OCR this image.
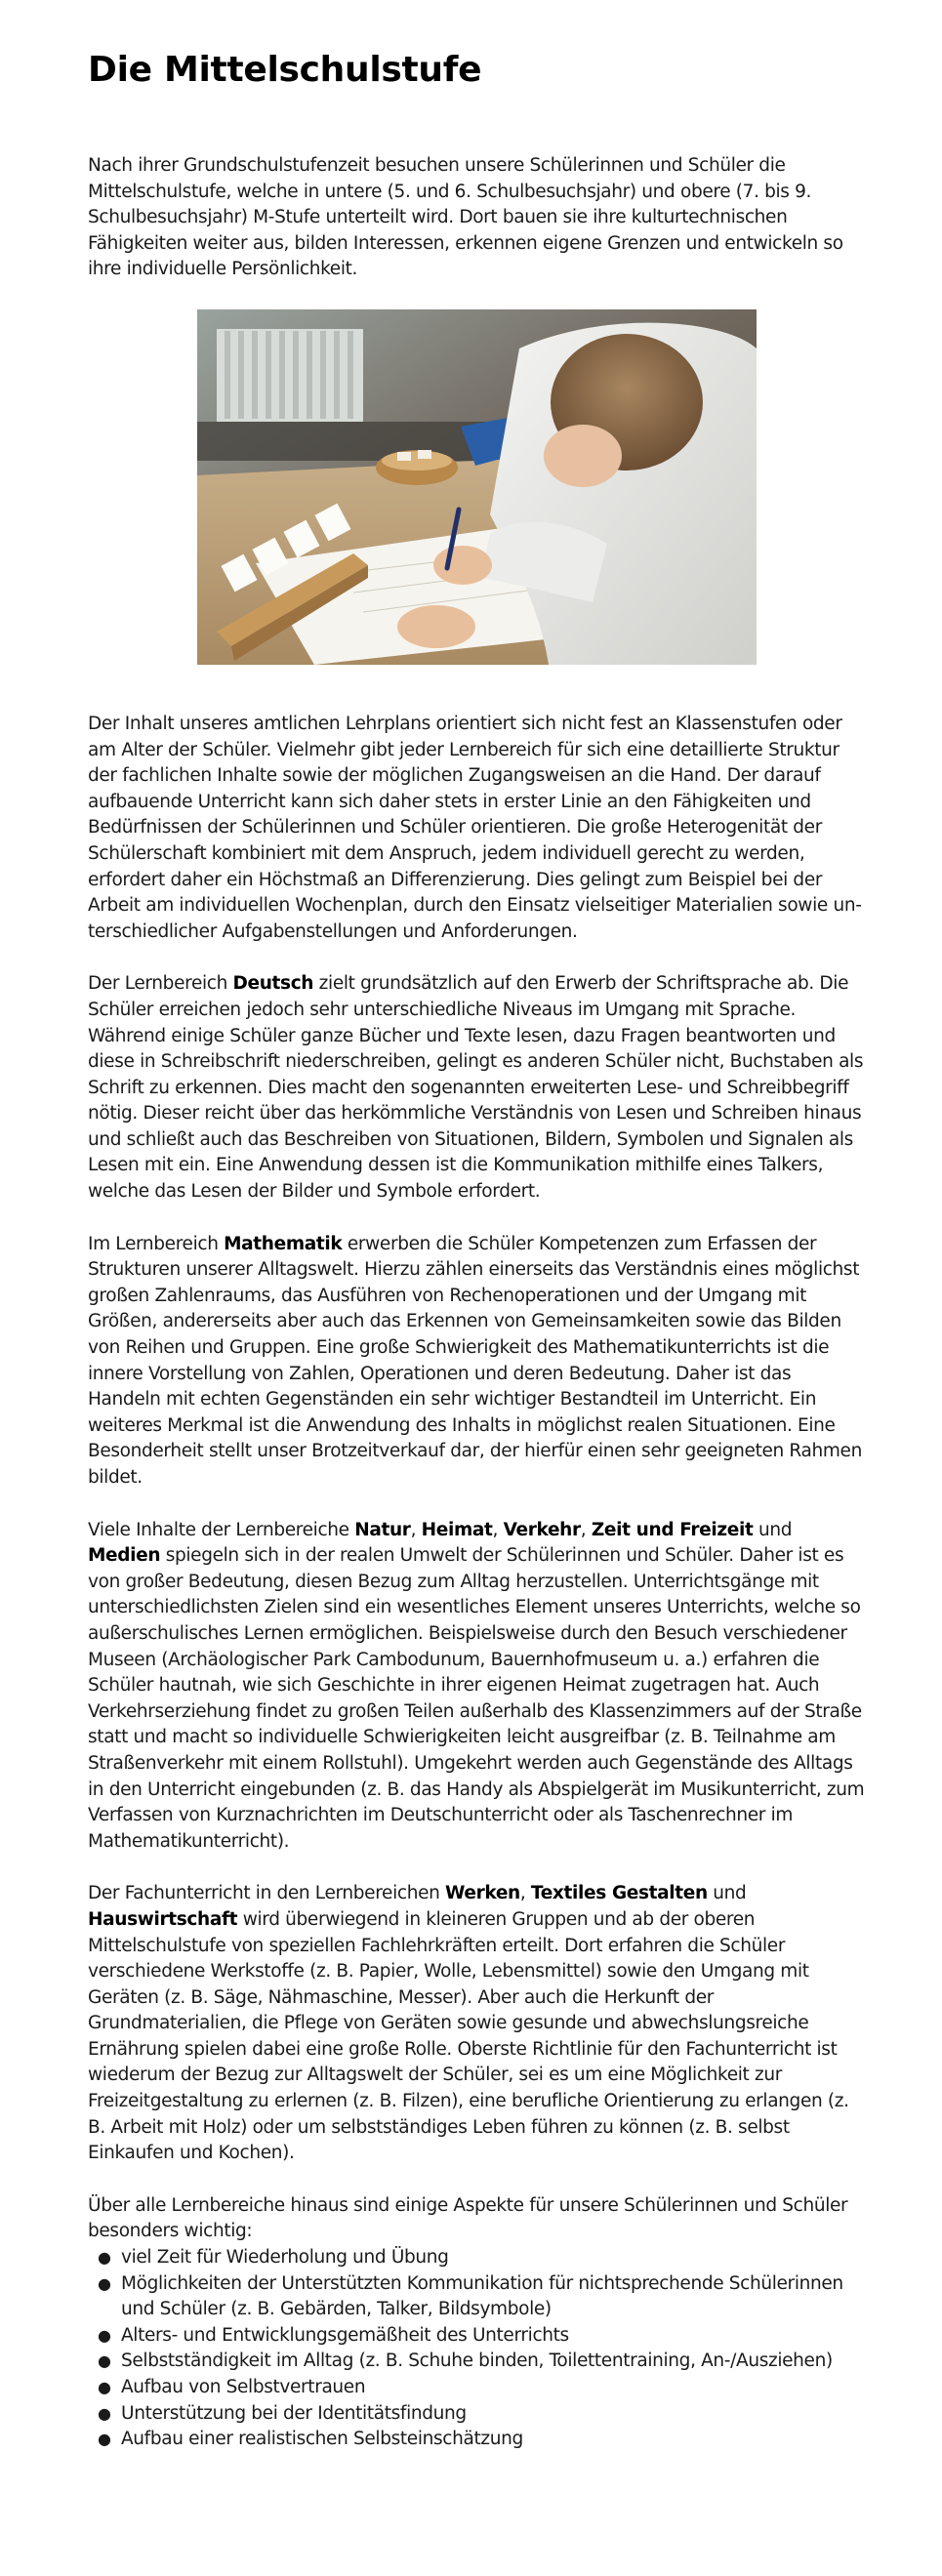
Die Mittelschulstufe

Nach ihrer Grundschulstufenzeit besuchen unsere Schülerinnen und Schüler die Mittelschulstufe, welche in untere (5. und 6. Schulbesuchsjahr) und obere (7. bis 9. Schulbesuchsjahr) M-Stufe unterteilt wird. Dort bauen sie ihre kulturtechnischen Fähigkeiten weiter aus, bilden Interessen, erkennen eigene Grenzen und entwickeln so ihre individuelle Persönlichkeit.

Der Inhalt unseres amtlichen Lehrplans orientiert sich nicht fest an Klassenstufen oder am Alter der Schüler. Vielmehr gibt jeder Lernbereich für sich eine detaillierte Struktur der fachlichen Inhalte sowie der möglichen Zugangsweisen an die Hand. Der darauf aufbauende Unterricht kann sich daher stets in erster Linie an den Fähigkeiten und Bedürfnissen der Schülerinnen und Schüler orientieren. Die große Heterogenität der Schülerschaft kombiniert mit dem Anspruch, jedem individuell gerecht zu werden, erfordert daher ein Höchstmaß an Differenzierung. Dies gelingt zum Beispiel bei der Arbeit am individuellen Wochenplan, durch den Einsatz vielseitiger Materialien sowie unterschiedlicher Aufgabenstellungen und Anforderungen.

Der Lernbereich Deutsch zielt grundsätzlich auf den Erwerb der Schriftsprache ab. Die Schüler erreichen jedoch sehr unterschiedliche Niveaus im Umgang mit Sprache. Während einige Schüler ganze Bücher und Texte lesen, dazu Fragen beantworten und diese in Schreibschrift niederschreiben, gelingt es anderen Schüler nicht, Buchstaben als Schrift zu erkennen. Dies macht den sogenannten erweiterten Lese- und Schreibbegriff nötig. Dieser reicht über das herkömmliche Verständnis von Lesen und Schreiben hinaus und schließt auch das Beschreiben von Situationen, Bildern, Symbolen und Signalen als Lesen mit ein. Eine Anwendung dessen ist die Kommunikation mithilfe eines Talkers, welche das Lesen der Bilder und Symbole erfordert.

Im Lernbereich Mathematik erwerben die Schüler Kompetenzen zum Erfassen der Strukturen unserer Alltagswelt. Hierzu zählen einerseits das Verständnis eines möglichst großen Zahlenraums, das Ausführen von Rechenoperationen und der Umgang mit Größen, andererseits aber auch das Erkennen von Gemeinsamkeiten sowie das Bilden von Reihen und Gruppen. Eine große Schwierigkeit des Mathematikunterrichts ist die innere Vorstellung von Zahlen, Operationen und deren Bedeutung. Daher ist das Handeln mit echten Gegenständen ein sehr wichtiger Bestandteil im Unterricht. Ein weiteres Merkmal ist die Anwendung des Inhalts in möglichst realen Situationen. Eine Besonderheit stellt unser Brotzeitverkauf dar, der hierfür einen sehr geeigneten Rahmen bildet.

Viele Inhalte der Lernbereiche Natur, Heimat, Verkehr, Zeit und Freizeit und Medien spiegeln sich in der realen Umwelt der Schülerinnen und Schüler. Daher ist es von großer Bedeutung, diesen Bezug zum Alltag herzustellen. Unterrichtsgänge mit unterschiedlichsten Zielen sind ein wesentliches Element unseres Unterrichts, welche so außerschulisches Lernen ermöglichen. Beispielsweise durch den Besuch verschiedener Museen (Archäologischer Park Cambodunum, Bauernhofmuseum u. a.) erfahren die Schüler hautnah, wie sich Geschichte in ihrer eigenen Heimat zugetragen hat. Auch Verkehrserziehung findet zu großen Teilen außerhalb des Klassenzimmers auf der Straße statt und macht so individuelle Schwierigkeiten leicht ausgreifbar (z. B. Teilnahme am Straßenverkehr mit einem Rollstuhl). Umgekehrt werden auch Gegenstände des Alltags in den Unterricht eingebunden (z. B. das Handy als Abspielgerät im Musikunterricht, zum Verfassen von Kurznachrichten im Deutschunterricht oder als Taschenrechner im Mathematikunterricht).

Der Fachunterricht in den Lernbereichen Werken, Textiles Gestalten und Hauswirtschaft wird überwiegend in kleineren Gruppen und ab der oberen Mittelschulstufe von speziellen Fachlehrkräften erteilt. Dort erfahren die Schüler verschiedene Werkstoffe (z. B. Papier, Wolle, Lebensmittel) sowie den Umgang mit Geräten (z. B. Säge, Nähmaschine, Messer). Aber auch die Herkunft der Grundmaterialien, die Pflege von Geräten sowie gesunde und abwechslungsreiche Ernährung spielen dabei eine große Rolle. Oberste Richtlinie für den Fachunterricht ist wiederum der Bezug zur Alltagswelt der Schüler, sei es um eine Möglichkeit zur Freizeitgestaltung zu erlernen (z. B. Filzen), eine berufliche Orientierung zu erlangen (z. B. Arbeit mit Holz) oder um selbstständiges Leben führen zu können (z. B. selbst Einkaufen und Kochen).

Über alle Lernbereiche hinaus sind einige Aspekte für unsere Schülerinnen und Schüler besonders wichtig:

● viel Zeit für Wiederholung und Übung
● Möglichkeiten der Unterstützten Kommunikation für nichtsprechende Schülerinnen und Schüler (z. B. Gebärden, Talker, Bildsymbole)
● Alters- und Entwicklungsgemäßheit des Unterrichts
● Selbstständigkeit im Alltag (z. B. Schuhe binden, Toilettentraining, An-/Ausziehen)
● Aufbau von Selbstvertrauen
● Unterstützung bei der Identitätsfindung
● Aufbau einer realistischen Selbsteinschätzung
